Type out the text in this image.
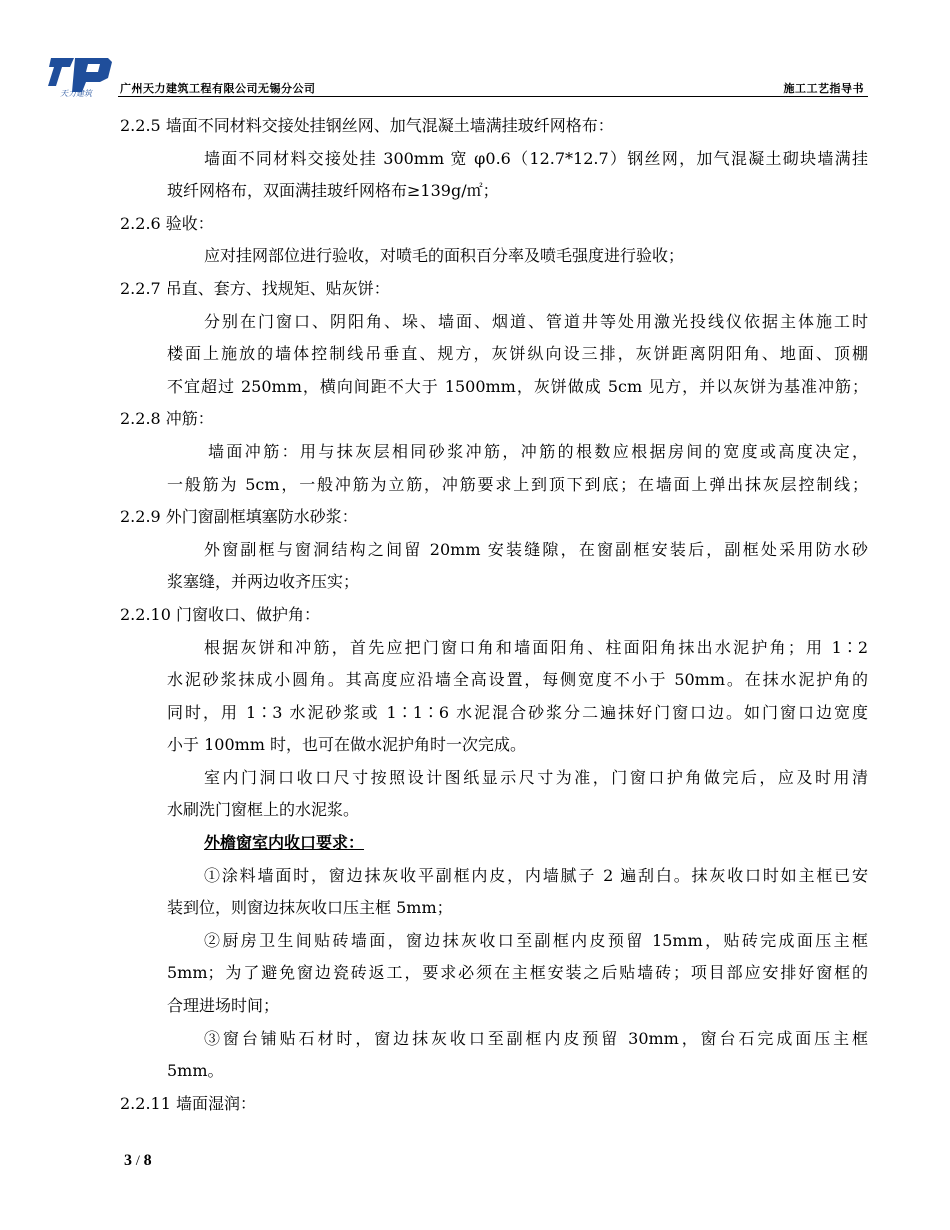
天力建筑	广州天力建筑工程有限公司无锡分公司	施工工艺指导书
2.2.5 墙面不同材料交接处挂钢丝网、加气混凝土墙满挂玻纤网格布：
墙面不同材料交接处挂 300mm 宽 φ0.6（12.7*12.7）钢丝网，加气混凝土砌块墙满挂
玻纤网格布，双面满挂玻纤网格布≥139g/㎡；
2.2.6 验收：
应对挂网部位进行验收，对喷毛的面积百分率及喷毛强度进行验收；
2.2.7 吊直、套方、找规矩、贴灰饼：
分别在门窗口、阴阳角、垛、墙面、烟道、管道井等处用激光投线仪依据主体施工时
楼面上施放的墙体控制线吊垂直、规方，灰饼纵向设三排，灰饼距离阴阳角、地面、顶棚
不宜超过 250mm，横向间距不大于 1500mm，灰饼做成 5cm 见方，并以灰饼为基准冲筋；
2.2.8 冲筋：
墙面冲筋：用与抹灰层相同砂浆冲筋，冲筋的根数应根据房间的宽度或高度决定，
一般筋为 5cm，一般冲筋为立筋，冲筋要求上到顶下到底；在墙面上弹出抹灰层控制线；
2.2.9 外门窗副框填塞防水砂浆：
外窗副框与窗洞结构之间留 20mm 安装缝隙，在窗副框安装后，副框处采用防水砂
浆塞缝，并两边收齐压实；
2.2.10 门窗收口、做护角：
根据灰饼和冲筋，首先应把门窗口角和墙面阳角、柱面阳角抹出水泥护角；用 1∶2
水泥砂浆抹成小圆角。其高度应沿墙全高设置，每侧宽度不小于 50mm。在抹水泥护角的
同时，用 1∶3 水泥砂浆或 1∶1∶6 水泥混合砂浆分二遍抹好门窗口边。如门窗口边宽度
小于 100mm 时，也可在做水泥护角时一次完成。
室内门洞口收口尺寸按照设计图纸显示尺寸为准，门窗口护角做完后，应及时用清
水刷洗门窗框上的水泥浆。
外檐窗室内收口要求：
①涂料墙面时，窗边抹灰收平副框内皮，内墙腻子 2 遍刮白。抹灰收口时如主框已安
装到位，则窗边抹灰收口压主框 5mm；
②厨房卫生间贴砖墙面，窗边抹灰收口至副框内皮预留 15mm，贴砖完成面压主框
5mm；为了避免窗边瓷砖返工，要求必须在主框安装之后贴墙砖；项目部应安排好窗框的
合理进场时间；
③窗台铺贴石材时，窗边抹灰收口至副框内皮预留 30mm，窗台石完成面压主框
5mm。
2.2.11 墙面湿润：
3 / 8
